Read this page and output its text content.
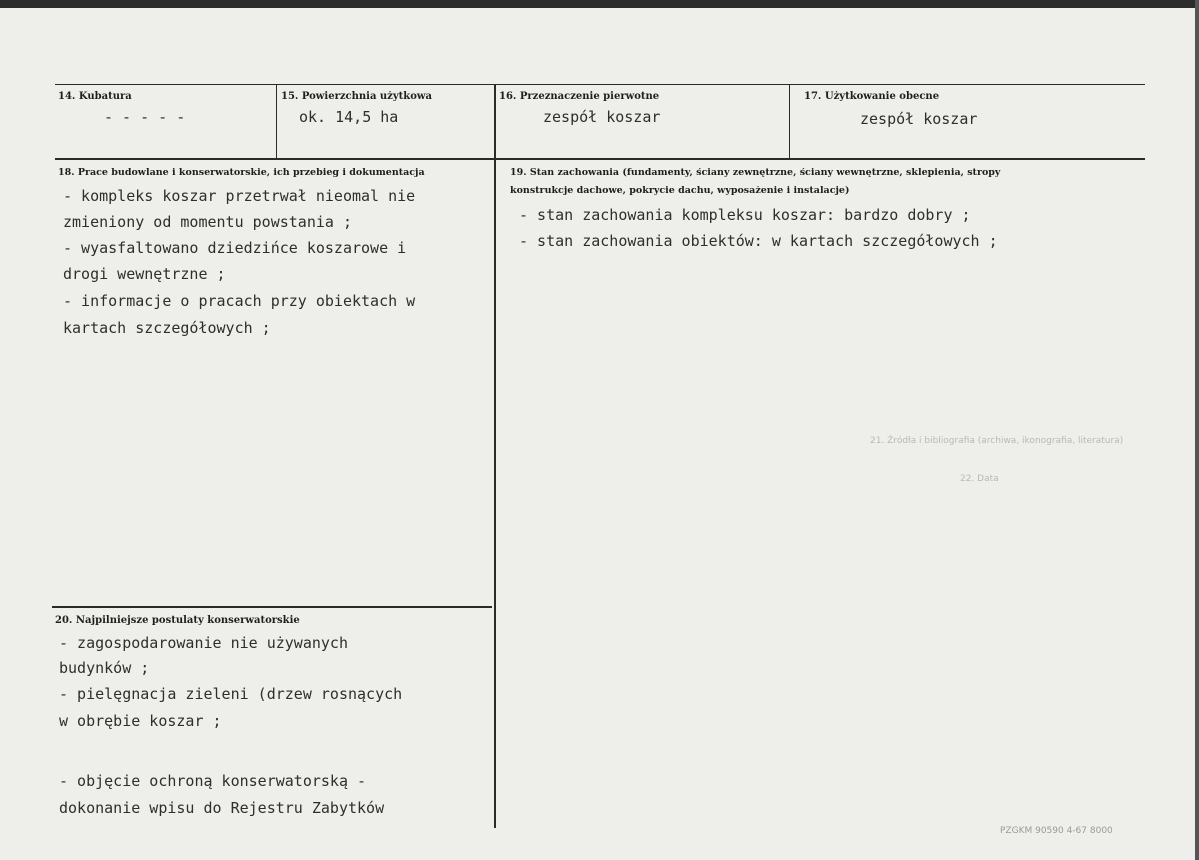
14. Kubatura
- - - - -
15. Powierzchnia użytkowa
ok. 14,5 ha
16. Przeznaczenie pierwotne
zespół koszar
17. Użytkowanie obecne
zespół koszar
18. Prace budowlane i konserwatorskie, ich przebieg i dokumentacja
- kompleks koszar przetrwał nieomal nie
zmieniony od momentu powstania ;
- wyasfaltowano dziedzińce koszarowe i
drogi wewnętrzne ;
- informacje o pracach przy obiektach w
kartach szczegółowych ;
19. Stan zachowania (fundamenty, ściany zewnętrzne, ściany wewnętrzne, sklepienia, stropy
konstrukcje dachowe, pokrycie dachu, wyposażenie i instalacje)
- stan zachowania kompleksu koszar: bardzo dobry ;
- stan zachowania obiektów: w kartach szczegółowych ;
20. Najpilniejsze postulaty konserwatorskie
- zagospodarowanie nie używanych
budynków ;
- pielęgnacja zieleni (drzew rosnących
w obrębie koszar ;
- objęcie ochroną konserwatorską -
dokonanie wpisu do Rejestru Zabytków
21. Źródła i bibliografia (archiwa, ikonografia, literatura)
22. Data
PZGKM 90590 4-67 8000
